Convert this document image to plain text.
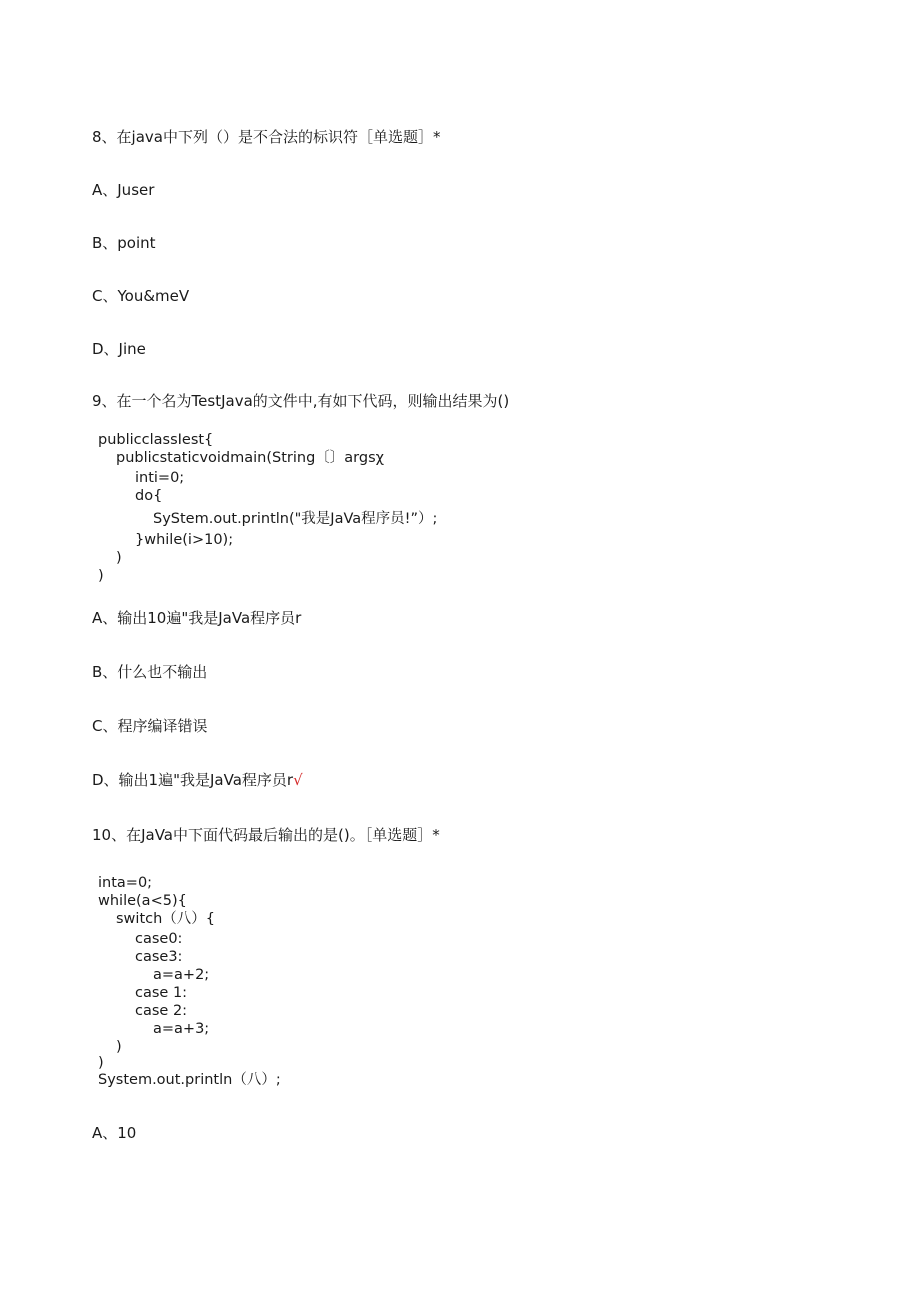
8、在java中下列（）是不合法的标识符［单选题］*
A、Juser
B、point
C、You&meV
D、Jine
9、在一个名为TestJava的文件中,有如下代码，则输出结果为()
publicclassIest{
publicstaticvoidmain(String〔〕argsχ
inti=0;
do{
SyStem.out.println("我是JaVa程序员!”）;
}while(i>10);
)
)
A、输出10遍"我是JaVa程序员r
B、什么也不输出
C、程序编译错误
D、输出1遍"我是JaVa程序员r√
10、在JaVa中下面代码最后输出的是()。［单选题］*
inta=0;
while(a<5){
switch（八）{
case0:
case3:
a=a+2;
case 1:
case 2:
a=a+3;
)
)
System.out.println（八）;
A、10
